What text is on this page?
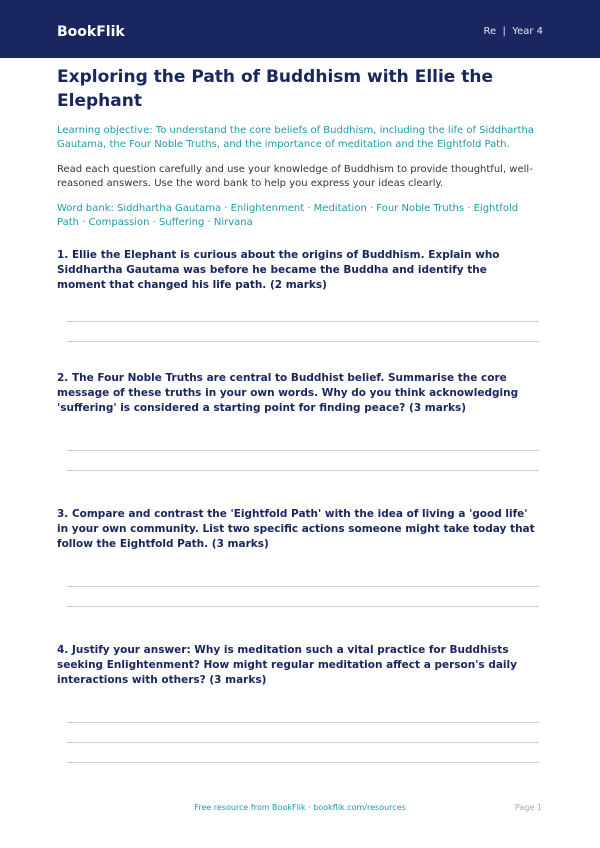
BookFlik	Re  |  Year 4
Exploring the Path of Buddhism with Ellie the Elephant
Learning objective: To understand the core beliefs of Buddhism, including the life of Siddhartha Gautama, the Four Noble Truths, and the importance of meditation and the Eightfold Path.
Read each question carefully and use your knowledge of Buddhism to provide thoughtful, well-reasoned answers. Use the word bank to help you express your ideas clearly.
Word bank: Siddhartha Gautama · Enlightenment · Meditation · Four Noble Truths · Eightfold Path · Compassion · Suffering · Nirvana
1. Ellie the Elephant is curious about the origins of Buddhism. Explain who Siddhartha Gautama was before he became the Buddha and identify the moment that changed his life path. (2 marks)
2. The Four Noble Truths are central to Buddhist belief. Summarise the core message of these truths in your own words. Why do you think acknowledging 'suffering' is considered a starting point for finding peace? (3 marks)
3. Compare and contrast the 'Eightfold Path' with the idea of living a 'good life' in your own community. List two specific actions someone might take today that follow the Eightfold Path. (3 marks)
4. Justify your answer: Why is meditation such a vital practice for Buddhists seeking Enlightenment? How might regular meditation affect a person's daily interactions with others? (3 marks)
Free resource from BookFlik · bookflik.com/resources	Page 1
